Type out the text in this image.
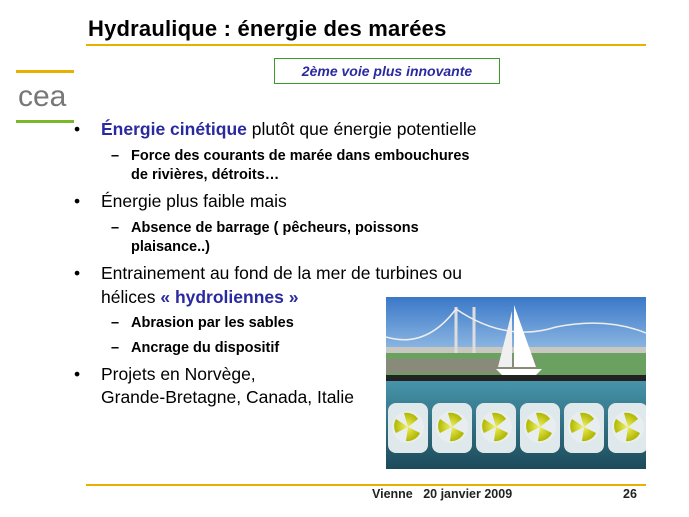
Hydraulique : énergie des marées
cea
2ème voie plus innovante
• Énergie cinétique plutôt que énergie potentielle
– Force des courants de marée dans embouchures
de rivières, détroits…
• Énergie plus faible mais
– Absence de barrage ( pêcheurs, poissons
plaisance..)
• Entrainement au fond de la mer de turbines ou
hélices « hydroliennes »
– Abrasion par les sables
– Ancrage du dispositif
• Projets en Norvège,
Grande-Bretagne, Canada, Italie
Vienne 20 janvier 2009	26
